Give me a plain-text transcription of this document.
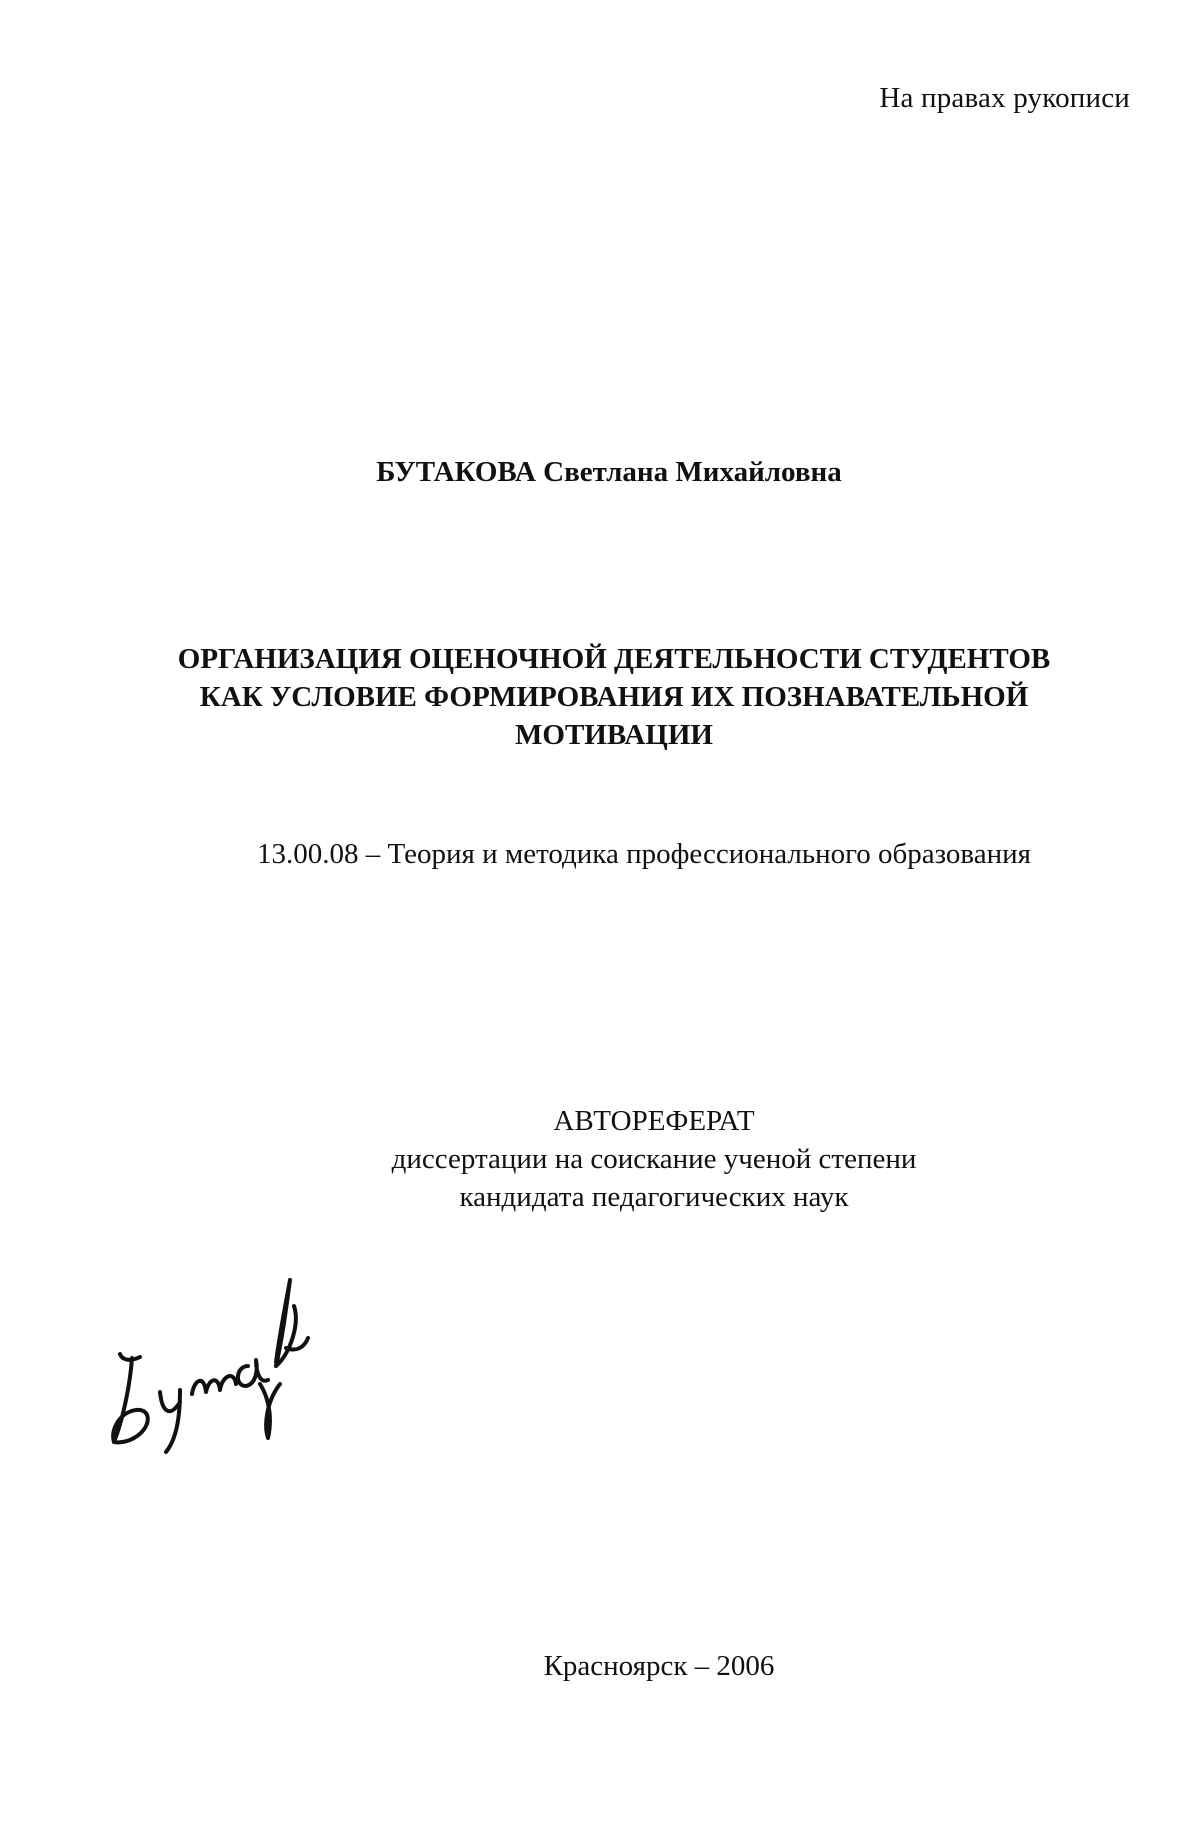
На правах рукописи
БУТАКОВА Светлана Михайловна
ОРГАНИЗАЦИЯ ОЦЕНОЧНОЙ ДЕЯТЕЛЬНОСТИ СТУДЕНТОВ
КАК УСЛОВИЕ ФОРМИРОВАНИЯ ИХ ПОЗНАВАТЕЛЬНОЙ
МОТИВАЦИИ
13.00.08 – Теория и методика профессионального образования
АВТОРЕФЕРАТ
диссертации на соискание ученой степени
кандидата педагогических наук
Красноярск – 2006
